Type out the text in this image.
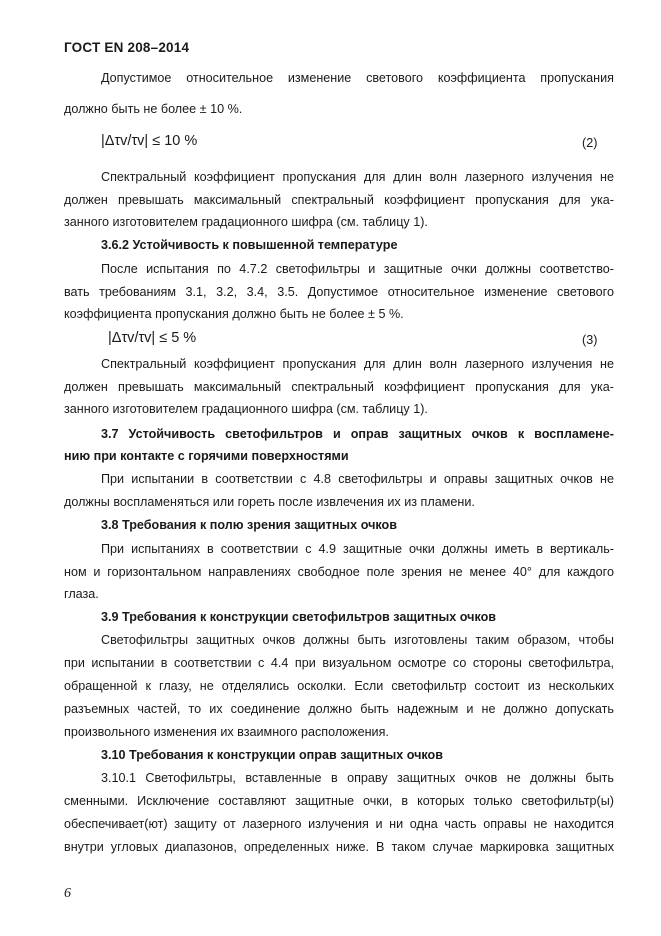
ГОСТ EN 208–2014
Допустимое относительное изменение светового коэффициента пропускания
должно быть не более ± 10 %.
|Δτv/τv| ≤ 10 %	(2)
Спектральный коэффициент пропускания для длин волн лазерного излучения не
должен превышать максимальный спектральный коэффициент пропускания для ука-
занного изготовителем градационного шифра (см. таблицу 1).
3.6.2 Устойчивость к повышенной температуре
После испытания по 4.7.2 светофильтры и защитные очки должны соответство-
вать требованиям 3.1, 3.2, 3.4, 3.5. Допустимое относительное изменение светового
коэффициента пропускания должно быть не более ± 5 %.
|Δτv/τv| ≤ 5 %	(3)
Спектральный коэффициент пропускания для длин волн лазерного излучения не
должен превышать максимальный спектральный коэффициент пропускания для ука-
занного изготовителем градационного шифра (см. таблицу 1).
3.7 Устойчивость светофильтров и оправ защитных очков к воспламене-
нию при контакте с горячими поверхностями
При испытании в соответствии с 4.8 светофильтры и оправы защитных очков не
должны воспламеняться или гореть после извлечения их из пламени.
3.8 Требования к полю зрения защитных очков
При испытаниях в соответствии с 4.9 защитные очки должны иметь в вертикаль-
ном и горизонтальном направлениях свободное поле зрения не менее 40° для каждого
глаза.
3.9 Требования к конструкции светофильтров защитных очков
Светофильтры защитных очков должны быть изготовлены таким образом, чтобы
при испытании в соответствии с 4.4 при визуальном осмотре со стороны светофильтра,
обращенной к глазу, не отделялись осколки. Если светофильтр состоит из нескольких
разъемных частей, то их соединение должно быть надежным и не должно допускать
произвольного изменения их взаимного расположения.
3.10 Требования к конструкции оправ защитных очков
3.10.1 Светофильтры, вставленные в оправу защитных очков не должны быть
сменными. Исключение составляют защитные очки, в которых только светофильтр(ы)
обеспечивает(ют) защиту от лазерного излучения и ни одна часть оправы не находится
внутри угловых диапазонов, определенных ниже. В таком случае маркировка защитных
6
